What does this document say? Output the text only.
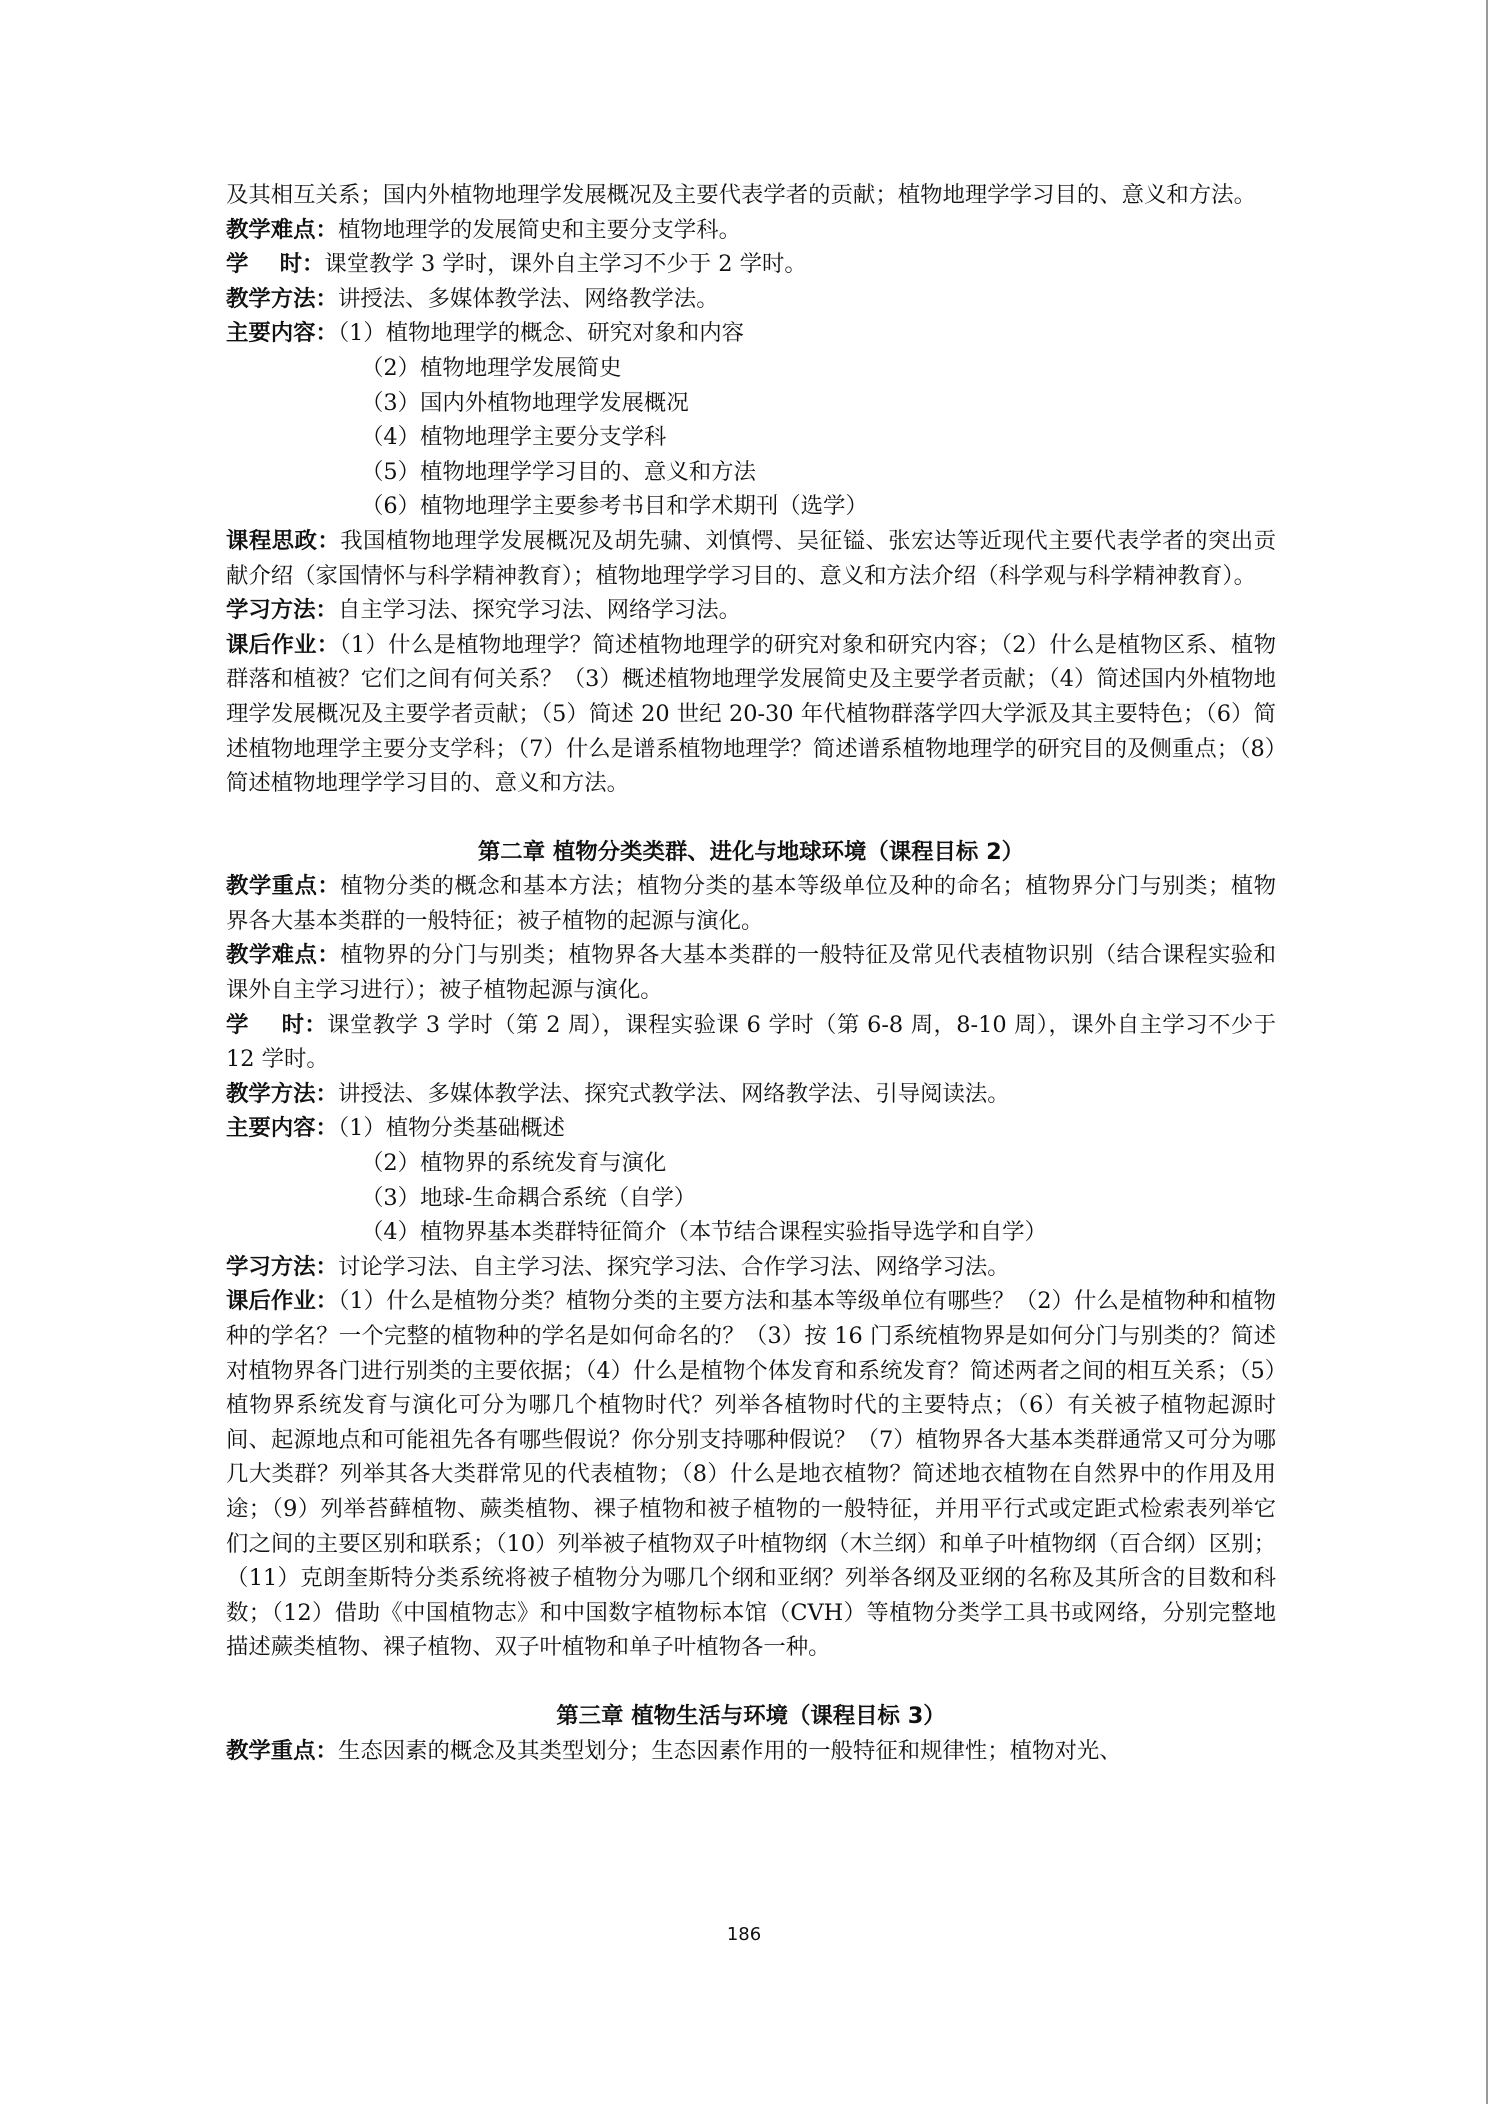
及其相互关系；国内外植物地理学发展概况及主要代表学者的贡献；植物地理学学习目的、意义和方法。

教学难点：植物地理学的发展简史和主要分支学科。

学    时：课堂教学 3 学时，课外自主学习不少于 2 学时。

教学方法：讲授法、多媒体教学法、网络教学法。

主要内容：（1）植物地理学的概念、研究对象和内容

（2）植物地理学发展简史

（3）国内外植物地理学发展概况

（4）植物地理学主要分支学科

（5）植物地理学学习目的、意义和方法

（6）植物地理学主要参考书目和学术期刊（选学）

课程思政：我国植物地理学发展概况及胡先骕、刘慎愕、吴征镒、张宏达等近现代主要代表学者的突出贡献介绍（家国情怀与科学精神教育）；植物地理学学习目的、意义和方法介绍（科学观与科学精神教育）。

学习方法：自主学习法、探究学习法、网络学习法。

课后作业：（1）什么是植物地理学？简述植物地理学的研究对象和研究内容；（2）什么是植物区系、植物群落和植被？它们之间有何关系？（3）概述植物地理学发展简史及主要学者贡献；（4）简述国内外植物地理学发展概况及主要学者贡献；（5）简述 20 世纪 20-30 年代植物群落学四大学派及其主要特色；（6）简述植物地理学主要分支学科；（7）什么是谱系植物地理学？简述谱系植物地理学的研究目的及侧重点；（8）简述植物地理学学习目的、意义和方法。

第二章 植物分类类群、进化与地球环境（课程目标 2）

教学重点：植物分类的概念和基本方法；植物分类的基本等级单位及种的命名；植物界分门与别类；植物界各大基本类群的一般特征；被子植物的起源与演化。

教学难点：植物界的分门与别类；植物界各大基本类群的一般特征及常见代表植物识别（结合课程实验和课外自主学习进行）；被子植物起源与演化。

学    时：课堂教学 3 学时（第 2 周），课程实验课 6 学时（第 6-8 周，8-10 周），课外自主学习不少于 12 学时。

教学方法：讲授法、多媒体教学法、探究式教学法、网络教学法、引导阅读法。

主要内容：（1）植物分类基础概述

（2）植物界的系统发育与演化

（3）地球-生命耦合系统（自学）

（4）植物界基本类群特征简介（本节结合课程实验指导选学和自学）

学习方法：讨论学习法、自主学习法、探究学习法、合作学习法、网络学习法。

课后作业：（1）什么是植物分类？植物分类的主要方法和基本等级单位有哪些？（2）什么是植物种和植物种的学名？一个完整的植物种的学名是如何命名的？（3）按 16 门系统植物界是如何分门与别类的？简述对植物界各门进行别类的主要依据；（4）什么是植物个体发育和系统发育？简述两者之间的相互关系；（5）植物界系统发育与演化可分为哪几个植物时代？列举各植物时代的主要特点；（6）有关被子植物起源时间、起源地点和可能祖先各有哪些假说？你分别支持哪种假说？（7）植物界各大基本类群通常又可分为哪几大类群？列举其各大类群常见的代表植物；（8）什么是地衣植物？简述地衣植物在自然界中的作用及用途；（9）列举苔藓植物、蕨类植物、裸子植物和被子植物的一般特征，并用平行式或定距式检索表列举它们之间的主要区别和联系；（10）列举被子植物双子叶植物纲（木兰纲）和单子叶植物纲（百合纲）区别；（11）克朗奎斯特分类系统将被子植物分为哪几个纲和亚纲？列举各纲及亚纲的名称及其所含的目数和科数；（12）借助《中国植物志》和中国数字植物标本馆（CVH）等植物分类学工具书或网络，分别完整地描述蕨类植物、裸子植物、双子叶植物和单子叶植物各一种。

第三章 植物生活与环境（课程目标 3）

教学重点：生态因素的概念及其类型划分；生态因素作用的一般特征和规律性；植物对光、

186
